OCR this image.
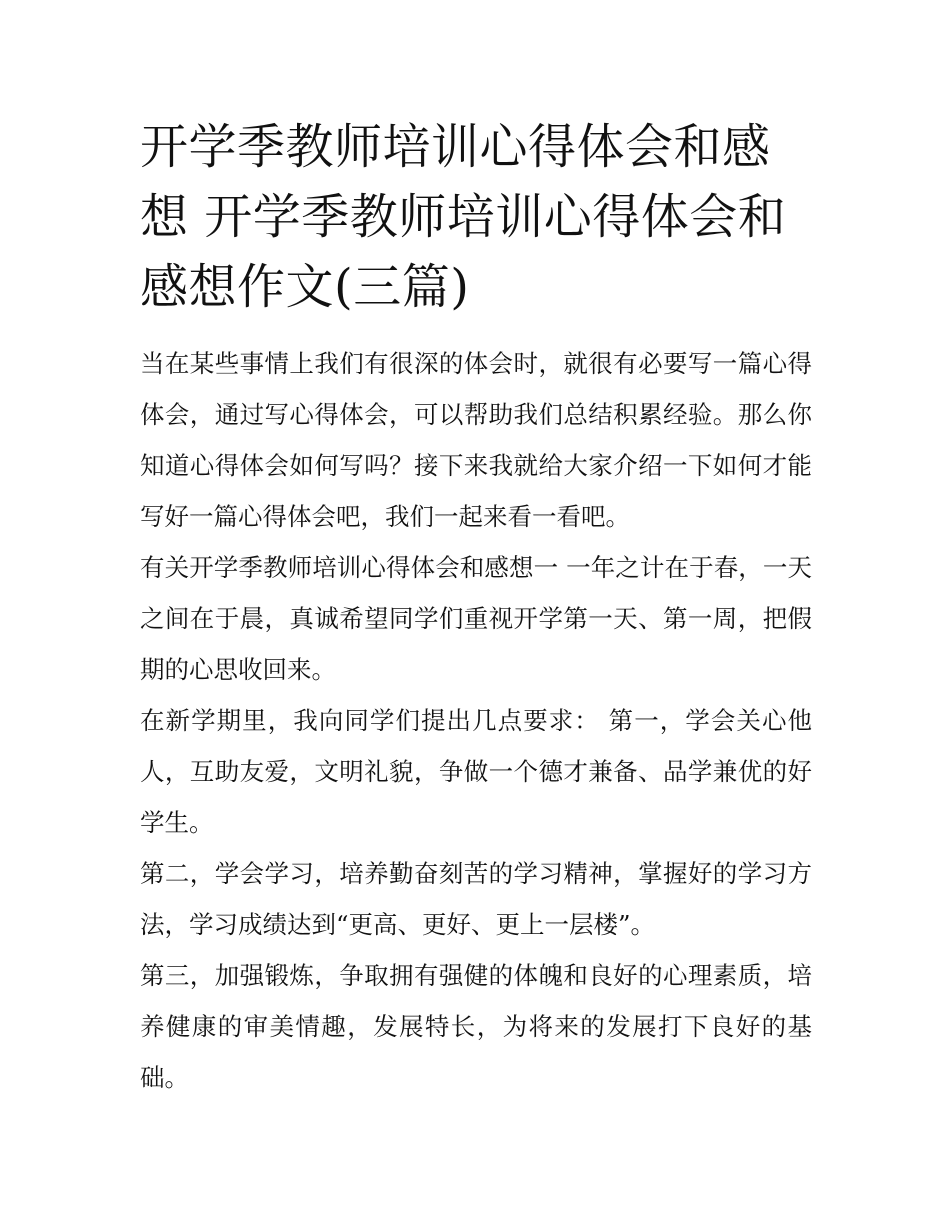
开学季教师培训心得体会和感想 开学季教师培训心得体会和感想作文(三篇)

当在某些事情上我们有很深的体会时，就很有必要写一篇心得体会，通过写心得体会，可以帮助我们总结积累经验。那么你知道心得体会如何写吗？接下来我就给大家介绍一下如何才能写好一篇心得体会吧，我们一起来看一看吧。

有关开学季教师培训心得体会和感想一 一年之计在于春，一天之间在于晨，真诚希望同学们重视开学第一天、第一周，把假期的心思收回来。

在新学期里，我向同学们提出几点要求： 第一，学会关心他人，互助友爱，文明礼貌，争做一个德才兼备、品学兼优的好学生。

第二，学会学习，培养勤奋刻苦的学习精神，掌握好的学习方法，学习成绩达到“更高、更好、更上一层楼”。

第三，加强锻炼，争取拥有强健的体魄和良好的心理素质，培养健康的审美情趣，发展特长，为将来的发展打下良好的基础。
